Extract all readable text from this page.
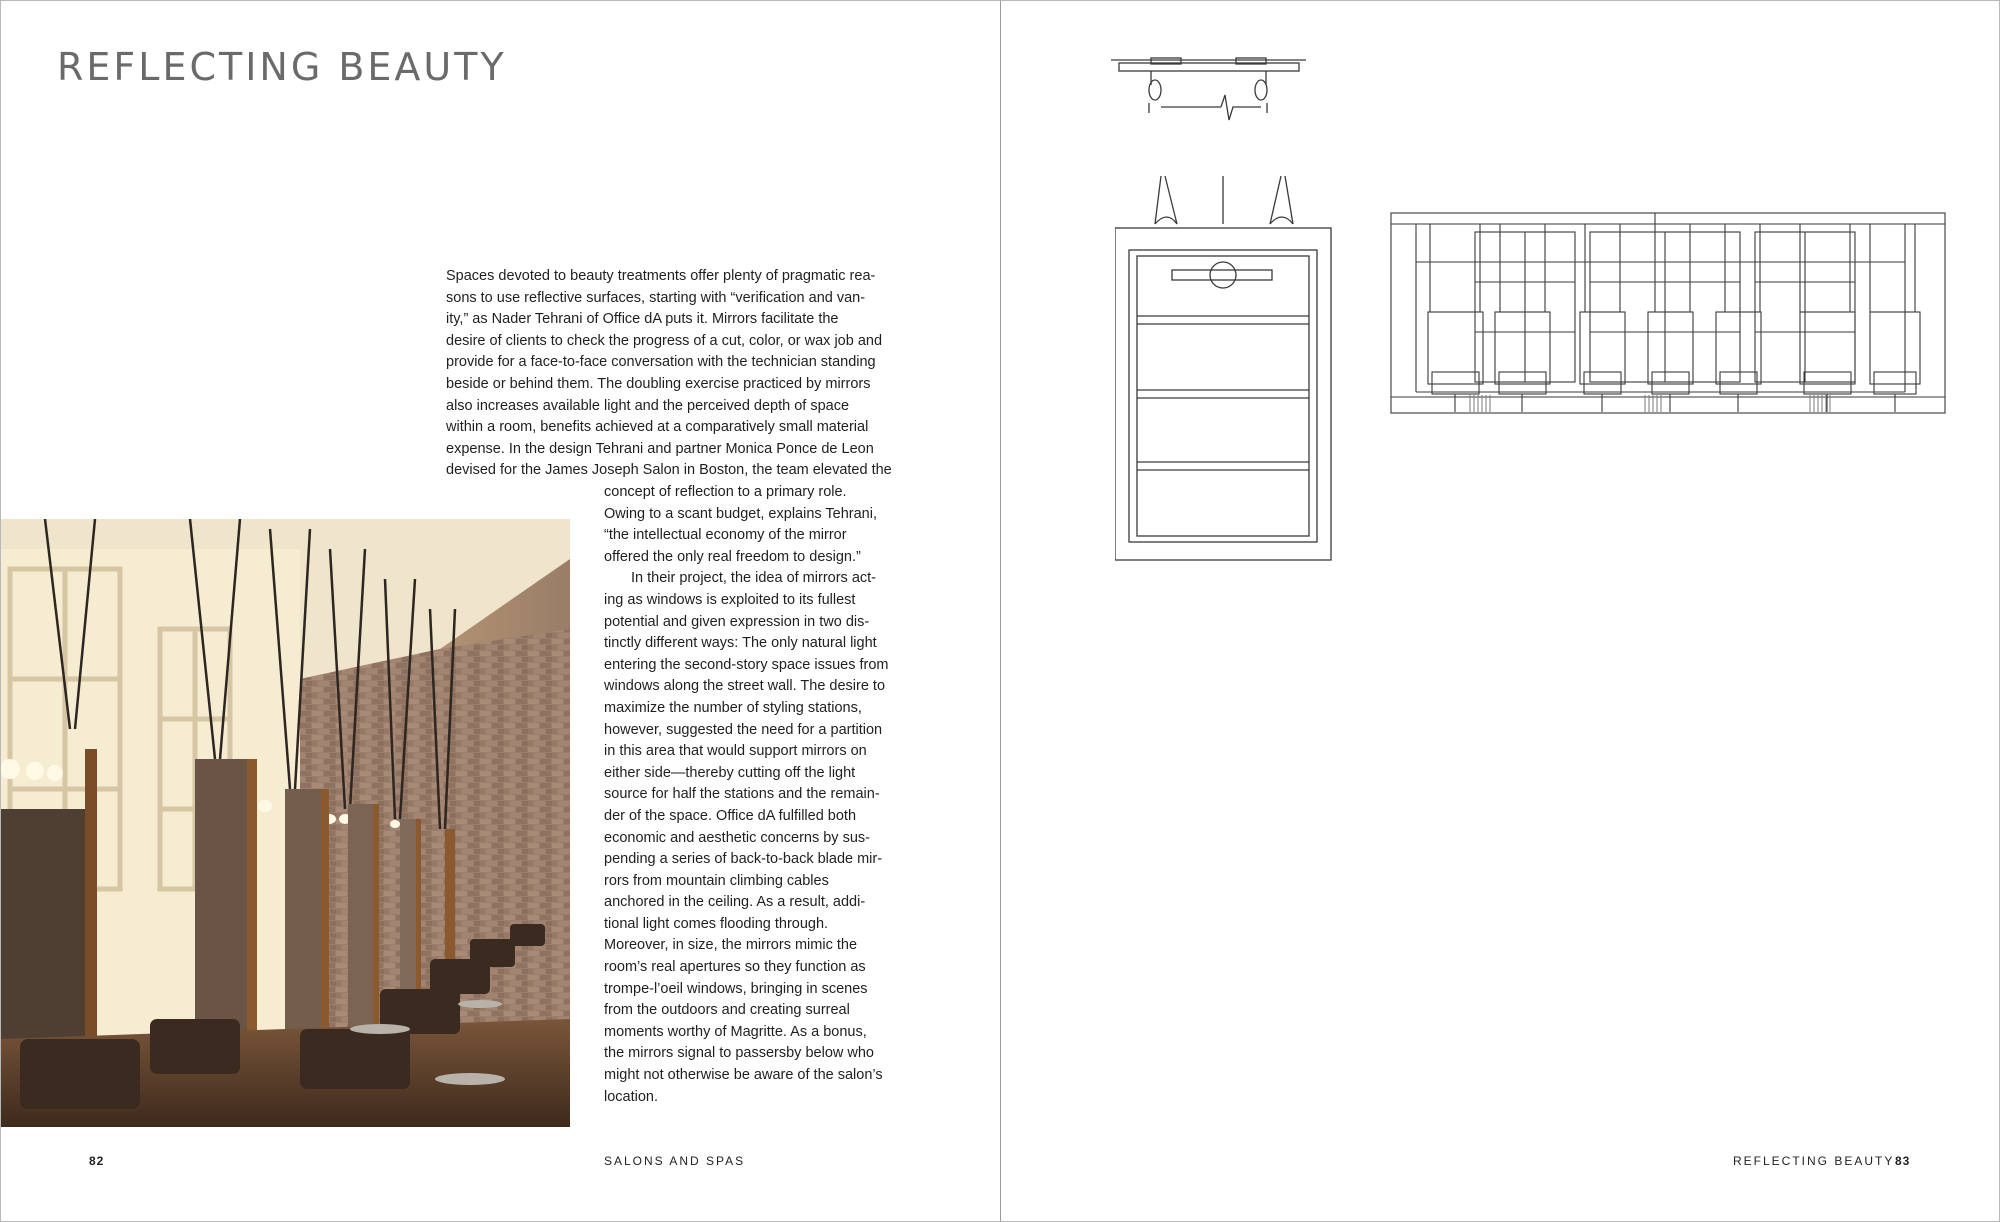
REFLECTING BEAUTY
Spaces devoted to beauty treatments offer plenty of pragmatic rea-
sons to use reflective surfaces, starting with “verification and van-
ity,” as Nader Tehrani of Office dA puts it. Mirrors facilitate the
desire of clients to check the progress of a cut, color, or wax job and
provide for a face-to-face conversation with the technician standing
beside or behind them. The doubling exercise practiced by mirrors
also increases available light and the perceived depth of space
within a room, benefits achieved at a comparatively small material
expense. In the design Tehrani and partner Monica Ponce de Leon
devised for the James Joseph Salon in Boston, the team elevated the
concept of reflection to a primary role.
Owing to a scant budget, explains Tehrani,
“the intellectual economy of the mirror
offered the only real freedom to design.”
In their project, the idea of mirrors act-
ing as windows is exploited to its fullest
potential and given expression in two dis-
tinctly different ways: The only natural light
entering the second-story space issues from
windows along the street wall. The desire to
maximize the number of styling stations,
however, suggested the need for a partition
in this area that would support mirrors on
either side—thereby cutting off the light
source for half the stations and the remain-
der of the space. Office dA fulfilled both
economic and aesthetic concerns by sus-
pending a series of back-to-back blade mir-
rors from mountain climbing cables
anchored in the ceiling. As a result, addi-
tional light comes flooding through.
Moreover, in size, the mirrors mimic the
room’s real apertures so they function as
trompe-l’oeil windows, bringing in scenes
from the outdoors and creating surreal
moments worthy of Magritte. As a bonus,
the mirrors signal to passersby below who
might not otherwise be aware of the salon’s
location.
82	SALONS AND SPAS	REFLECTING BEAUTY 83
